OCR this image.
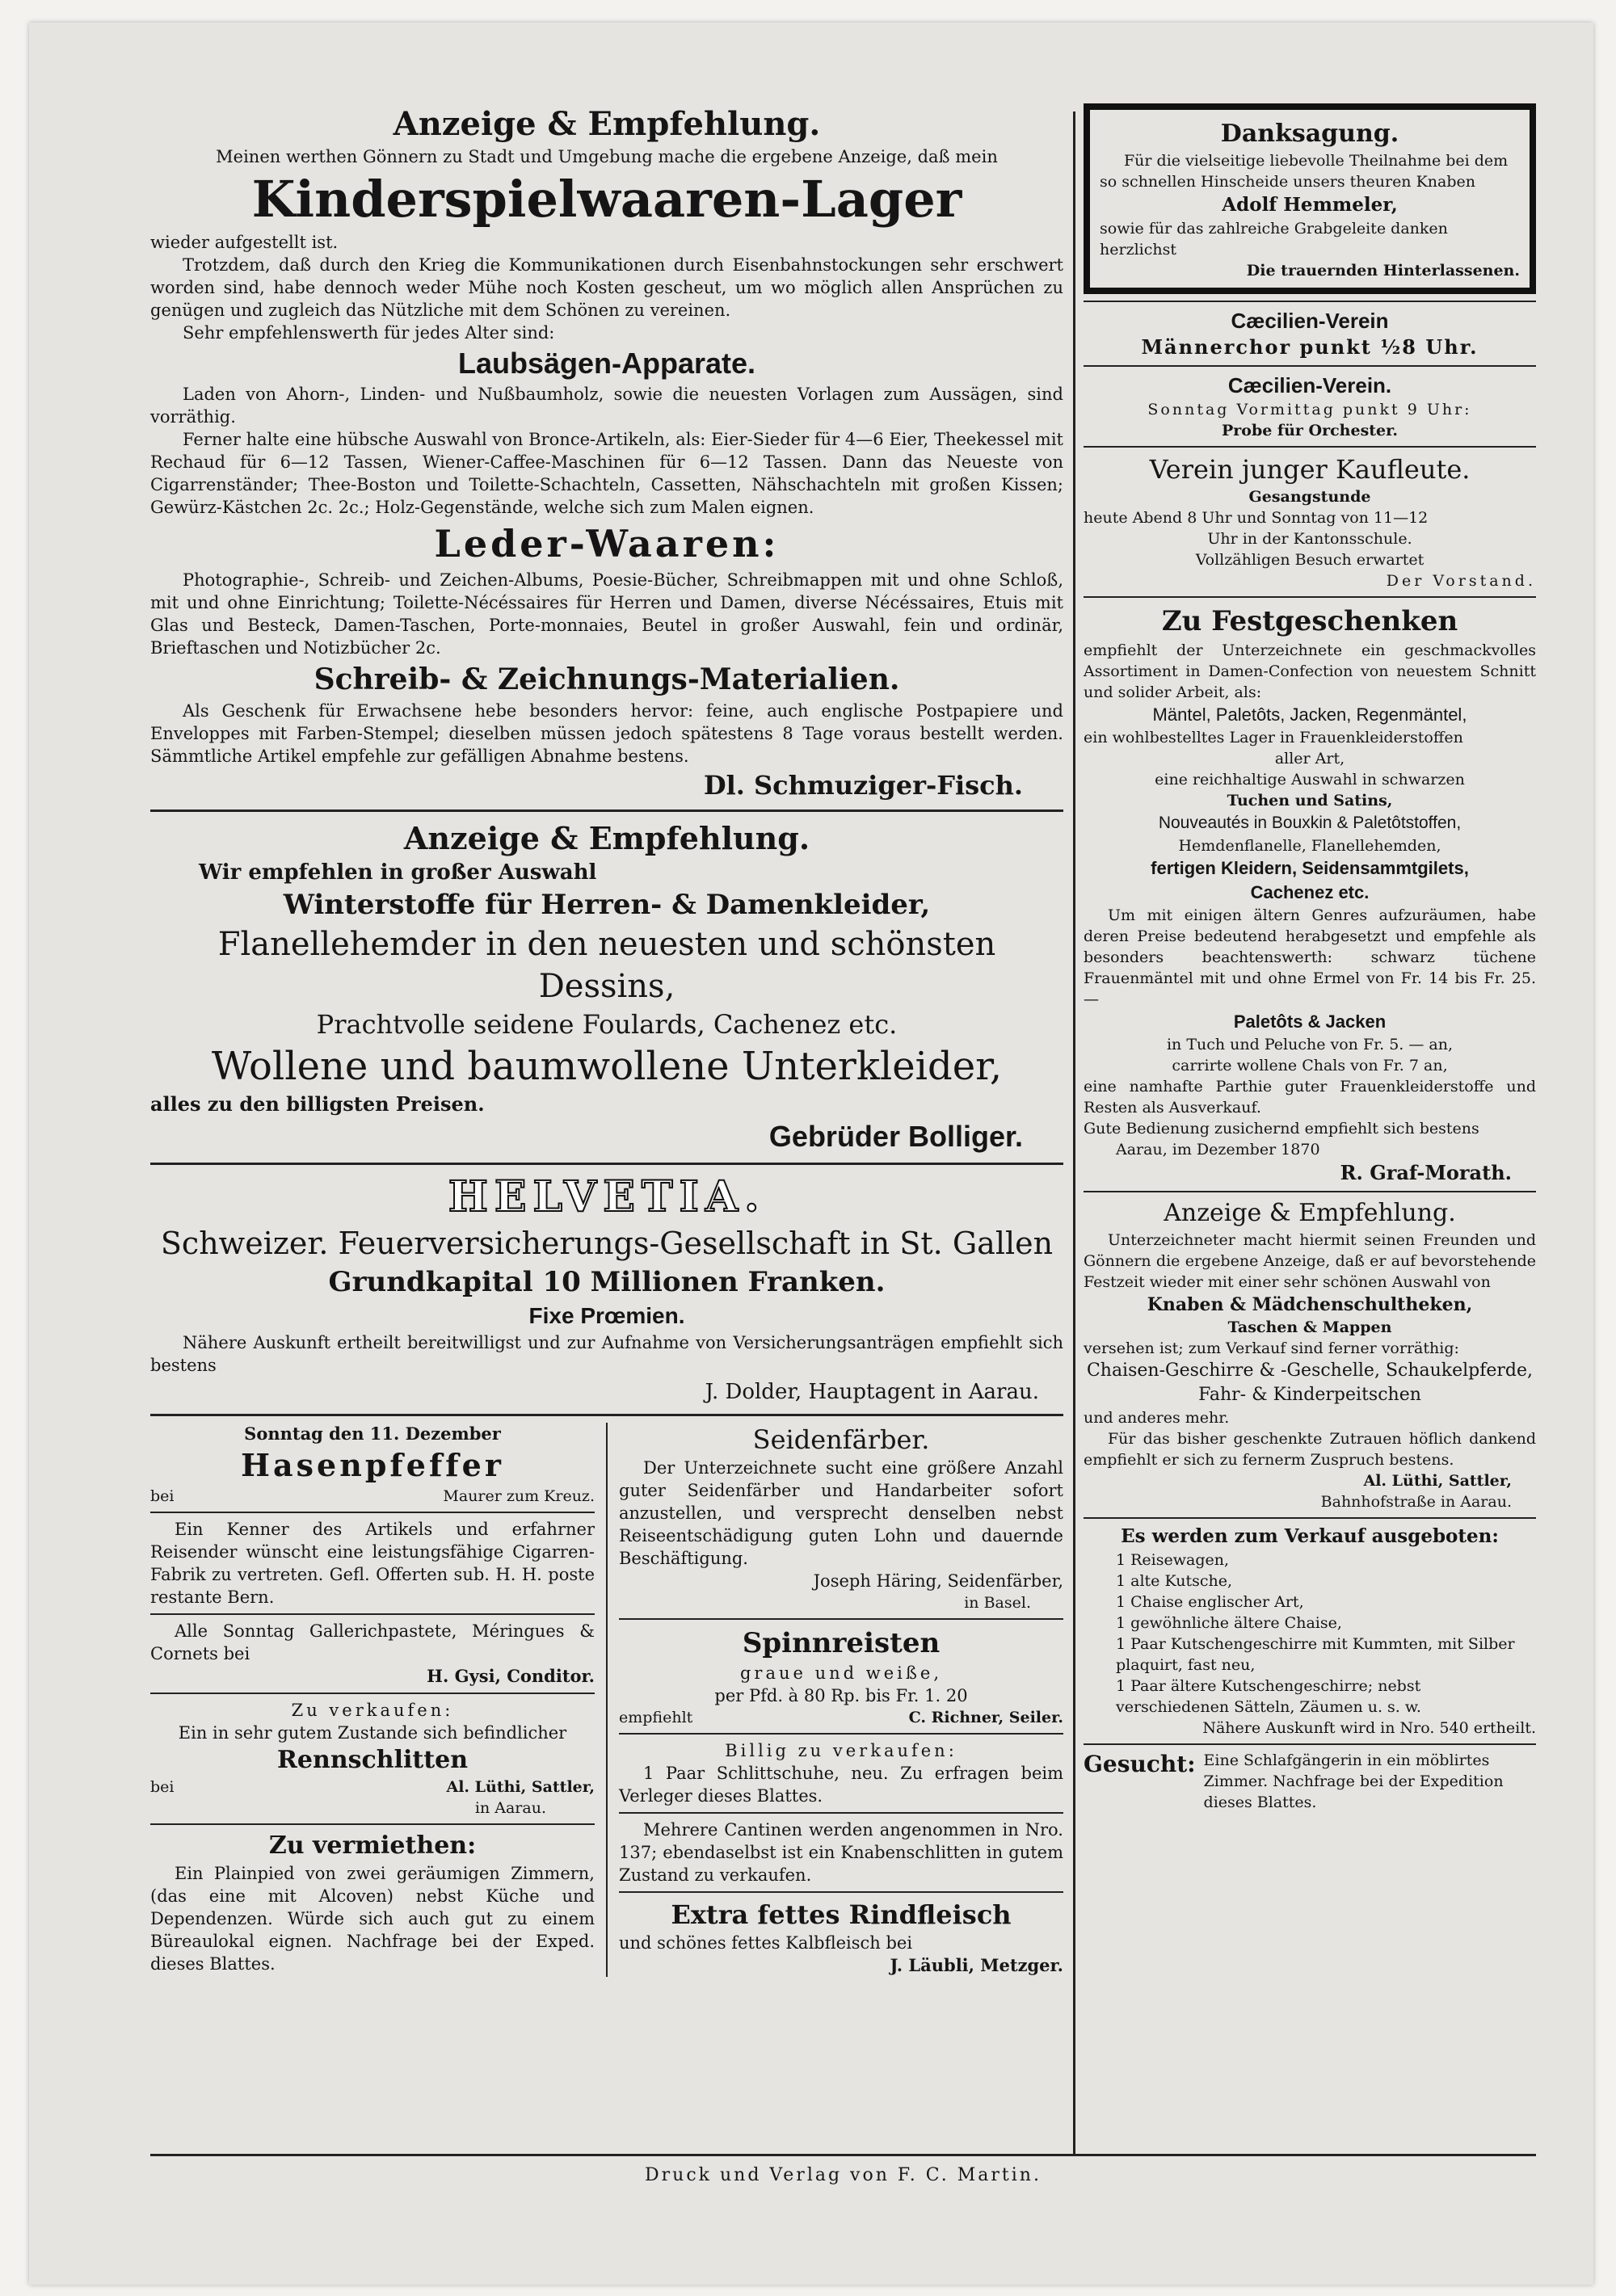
Anzeige & Empfehlung.

Meinen werthen Gönnern zu Stadt und Umgebung mache die ergebene Anzeige, daß mein

Kinderspielwaaren-Lager

wieder aufgestellt ist.

Trotzdem, daß durch den Krieg die Kommunikationen durch Eisenbahnstockungen sehr erschwert worden sind, habe dennoch weder Mühe noch Kosten gescheut, um wo möglich allen Ansprüchen zu genügen und zugleich das Nützliche mit dem Schönen zu vereinen.

Sehr empfehlenswerth für jedes Alter sind:

Laubsägen-Apparate.

Laden von Ahorn-, Linden- und Nußbaumholz, sowie die neuesten Vorlagen zum Aussägen, sind vorräthig.

Ferner halte eine hübsche Auswahl von Bronce-Artikeln, als: Eier-Sieder für 4—6 Eier, Theekessel mit Rechaud für 6—12 Tassen, Wiener-Caffee-Maschinen für 6—12 Tassen. Dann das Neueste von Cigarrenständer; Thee-Boston und Toilette-Schachteln, Cassetten, Nähschachteln mit großen Kissen; Gewürz-Kästchen 2c. 2c.; Holz-Gegenstände, welche sich zum Malen eignen.

Leder-Waaren:

Photographie-, Schreib- und Zeichen-Albums, Poesie-Bücher, Schreibmappen mit und ohne Schloß, mit und ohne Einrichtung; Toilette-Nécéssaires für Herren und Damen, diverse Nécéssaires, Etuis mit Glas und Besteck, Damen-Taschen, Porte-monnaies, Beutel in großer Auswahl, fein und ordinär, Brieftaschen und Notizbücher 2c.

Schreib- & Zeichnungs-Materialien.

Als Geschenk für Erwachsene hebe besonders hervor: feine, auch englische Postpapiere und Enveloppes mit Farben-Stempel; dieselben müssen jedoch spätestens 8 Tage voraus bestellt werden. Sämmtliche Artikel empfehle zur gefälligen Abnahme bestens.

Dl. Schmuziger-Fisch.

Anzeige & Empfehlung.

Wir empfehlen in großer Auswahl

Winterstoffe für Herren- & Damenkleider,

Flanellehemder in den neuesten und schönsten Dessins,

Prachtvolle seidene Foulards, Cachenez etc.

Wollene und baumwollene Unterkleider,

alles zu den billigsten Preisen.

Gebrüder Bolliger.

HELVETIA.

Schweizer. Feuerversicherungs-Gesellschaft in St. Gallen

Grundkapital 10 Millionen Franken.

Fixe Prœmien.

Nähere Auskunft ertheilt bereitwilligst und zur Aufnahme von Versicherungsanträgen empfiehlt sich bestens

J. Dolder, Hauptagent in Aarau.

Sonntag den 11. Dezember

Hasenpfeffer

bei	Maurer zum Kreuz.

Ein Kenner des Artikels und erfahrner Reisender wünscht eine leistungsfähige Cigarren-Fabrik zu vertreten. Gefl. Offerten sub. H. H. poste restante Bern.

Alle Sonntag Gallerichpastete, Méringues & Cornets bei

H. Gysi, Conditor.

Zu verkaufen:

Ein in sehr gutem Zustande sich befindlicher

Rennschlitten

bei	Al. Lüthi, Sattler,

in Aarau.

Zu vermiethen:

Ein Plainpied von zwei geräumigen Zimmern, (das eine mit Alcoven) nebst Küche und Dependenzen. Würde sich auch gut zu einem Büreaulokal eignen. Nachfrage bei der Exped. dieses Blattes.

Seidenfärber.

Der Unterzeichnete sucht eine größere Anzahl guter Seidenfärber und Handarbeiter sofort anzustellen, und versprecht denselben nebst Reiseentschädigung guten Lohn und dauernde Beschäftigung.

Joseph Häring, Seidenfärber,

in Basel.

Spinnreisten

graue und weiße,

per Pfd. à 80 Rp. bis Fr. 1. 20

empfiehlt	C. Richner, Seiler.

Billig zu verkaufen:

1 Paar Schlittschuhe, neu. Zu erfragen beim Verleger dieses Blattes.

Mehrere Cantinen werden angenommen in Nro. 137; ebendaselbst ist ein Knabenschlitten in gutem Zustand zu verkaufen.

Extra fettes Rindfleisch

und schönes fettes Kalbfleisch bei

J. Läubli, Metzger.

Danksagung.

Für die vielseitige liebevolle Theilnahme bei dem so schnellen Hinscheide unsers theuren Knaben

Adolf Hemmeler,

sowie für das zahlreiche Grabgeleite danken herzlichst

Die trauernden Hinterlassenen.

Cæcilien-Verein

Männerchor punkt ½8 Uhr.

Cæcilien-Verein.

Sonntag Vormittag punkt 9 Uhr:

Probe für Orchester.

Verein junger Kaufleute.

Gesangstunde

heute Abend 8 Uhr und Sonntag von 11—12

Uhr in der Kantonsschule.

Vollzähligen Besuch erwartet

Der Vorstand.

Zu Festgeschenken

empfiehlt der Unterzeichnete ein geschmackvolles Assortiment in Damen-Confection von neuestem Schnitt und solider Arbeit, als:

Mäntel, Paletôts, Jacken, Regenmäntel,

ein wohlbestelltes Lager in Frauenkleiderstoffen

aller Art,

eine reichhaltige Auswahl in schwarzen

Tuchen und Satins,

Nouveautés in Bouxkin & Paletôtstoffen,

Hemdenflanelle, Flanellehemden,

fertigen Kleidern, Seidensammtgilets,

Cachenez etc.

Um mit einigen ältern Genres aufzuräumen, habe deren Preise bedeutend herabgesetzt und empfehle als besonders beachtenswerth: schwarz tüchene Frauenmäntel mit und ohne Ermel von Fr. 14 bis Fr. 25. —

Paletôts & Jacken

in Tuch und Peluche von Fr. 5. — an,

carrirte wollene Chals von Fr. 7 an,

eine namhafte Parthie guter Frauenkleiderstoffe und Resten als Ausverkauf.

Gute Bedienung zusichernd empfiehlt sich bestens

Aarau, im Dezember 1870

R. Graf-Morath.

Anzeige & Empfehlung.

Unterzeichneter macht hiermit seinen Freunden und Gönnern die ergebene Anzeige, daß er auf bevorstehende Festzeit wieder mit einer sehr schönen Auswahl von

Knaben & Mädchenschultheken,

Taschen & Mappen

versehen ist; zum Verkauf sind ferner vorräthig:

Chaisen-Geschirre & -Geschelle, Schaukelpferde, Fahr- & Kinderpeitschen

und anderes mehr.

Für das bisher geschenkte Zutrauen höflich dankend empfiehlt er sich zu fernerm Zuspruch bestens.

Al. Lüthi, Sattler,

Bahnhofstraße in Aarau.

Es werden zum Verkauf ausgeboten:

1 Reisewagen,

1 alte Kutsche,

1 Chaise englischer Art,

1 gewöhnliche ältere Chaise,

1 Paar Kutschengeschirre mit Kummten, mit Silber plaquirt, fast neu,

1 Paar ältere Kutschengeschirre; nebst verschiedenen Sätteln, Zäumen u. s. w.

Nähere Auskunft wird in Nro. 540 ertheilt.

Gesucht: Eine Schlafgängerin in ein möblirtes Zimmer. Nachfrage bei der Expedition dieses Blattes.

Druck und Verlag von F. C. Martin.
